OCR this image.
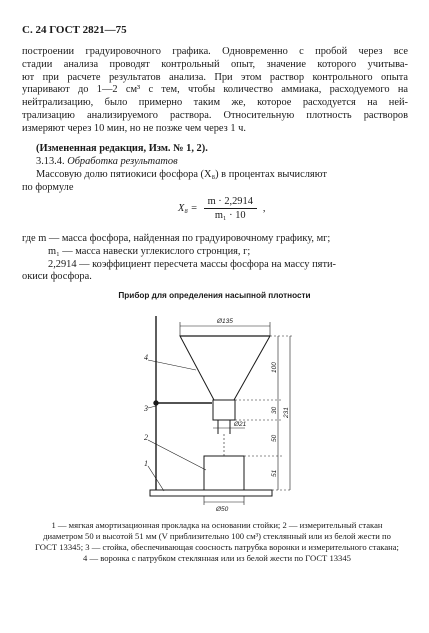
С. 24 ГОСТ 2821—75
построении градуировочного графика. Одновременно с пробой через все
стадии анализа проводят контрольный опыт, значение которого учитыва-
ют при расчете результатов анализа. При этом раствор контрольного опыта
упаривают до 1—2 см³ с тем, чтобы количество аммиака, расходуемого на
нейтрализацию, было примерно таким же, которое расходуется на ней-
трализацию анализируемого раствора. Относительную плотность растворов
измеряют через 10 мин, но не позже чем через 1 ч.
(Измененная редакция, Изм. № 1, 2).
3.13.4. Обработка результатов
Массовую долю пятиокиси фосфора (X₈) в процентах вычисляют
по формуле
$X_8 = \frac{m \cdot 2,2914}{\text{m₁ · 10}}$ ,
где m — масса фосфора, найденная по градуировочному графику, мг;
m₁ — масса навески углекислого стронция, г;
2,2914 — коэффициент пересчета массы фосфора на массу пяти-
окиси фосфора.
Прибор для определения насыпной плотности
Ø135
Ø21
Ø50
100
30
50
51
231
4
3
2
1
1 — мягкая амортизационная прокладка на основании стойки; 2 — измерительный стакан диаметром 50 и высотой 51 мм (V приблизительно 100 см³) стеклянный или из белой жести по ГОСТ 13345; 3 — стойка, обеспечивающая соосность патрубка воронки и измерительного стакана; 4 — воронка с патрубком стеклянная или из белой жести по ГОСТ 13345
